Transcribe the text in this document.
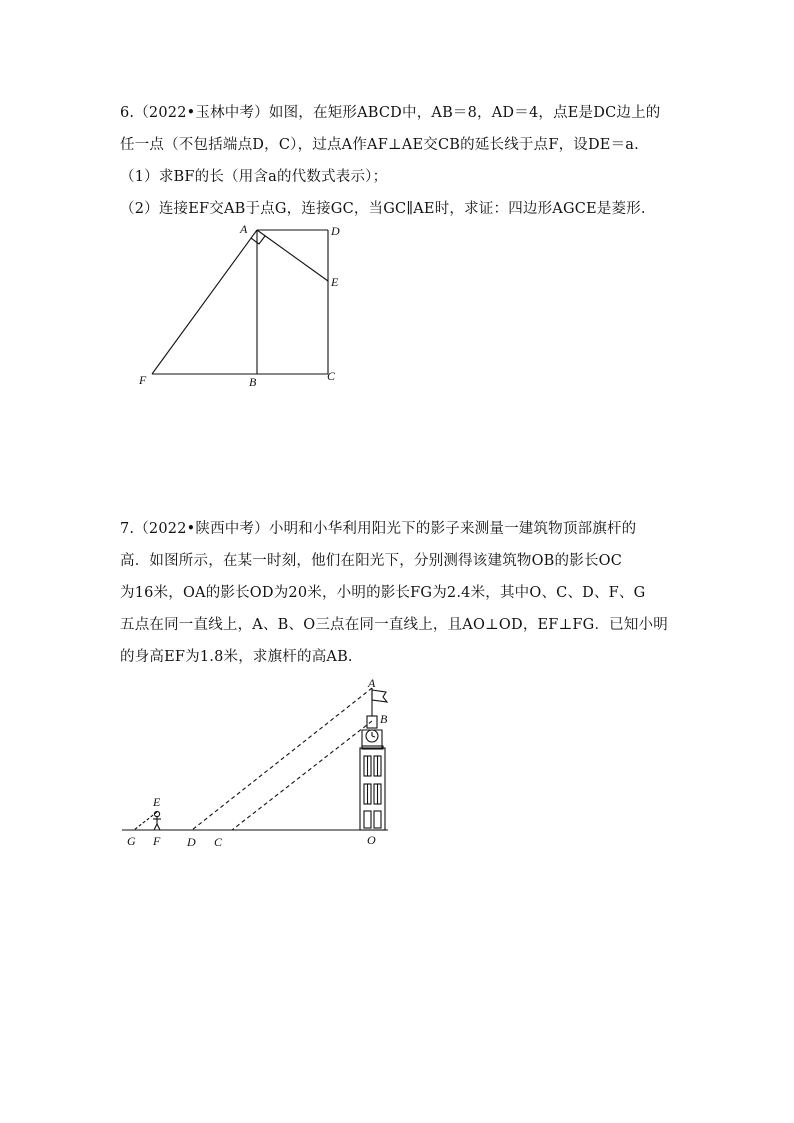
6.（2022•玉林中考）如图，在矩形ABCD中，AB＝8，AD＝4，点E是DC边上的
任一点（不包括端点D，C），过点A作AF⊥AE交CB的延长线于点F，设DE＝a.
（1）求BF的长（用含a的代数式表示）；
（2）连接EF交AB于点G，连接GC，当GC∥AE时，求证：四边形AGCE是菱形.
A	D
E
F	B	C
7.（2022•陕西中考）小明和小华利用阳光下的影子来测量一建筑物顶部旗杆的
高．如图所示，在某一时刻，他们在阳光下，分别测得该建筑物OB的影长OC
为16米，OA的影长OD为20米，小明的影长FG为2.4米，其中O、C、D、F、G
五点在同一直线上，A、B、O三点在同一直线上，且AO⊥OD，EF⊥FG．已知小明
的身高EF为1.8米，求旗杆的高AB.
A
B
E
G F D C	O
